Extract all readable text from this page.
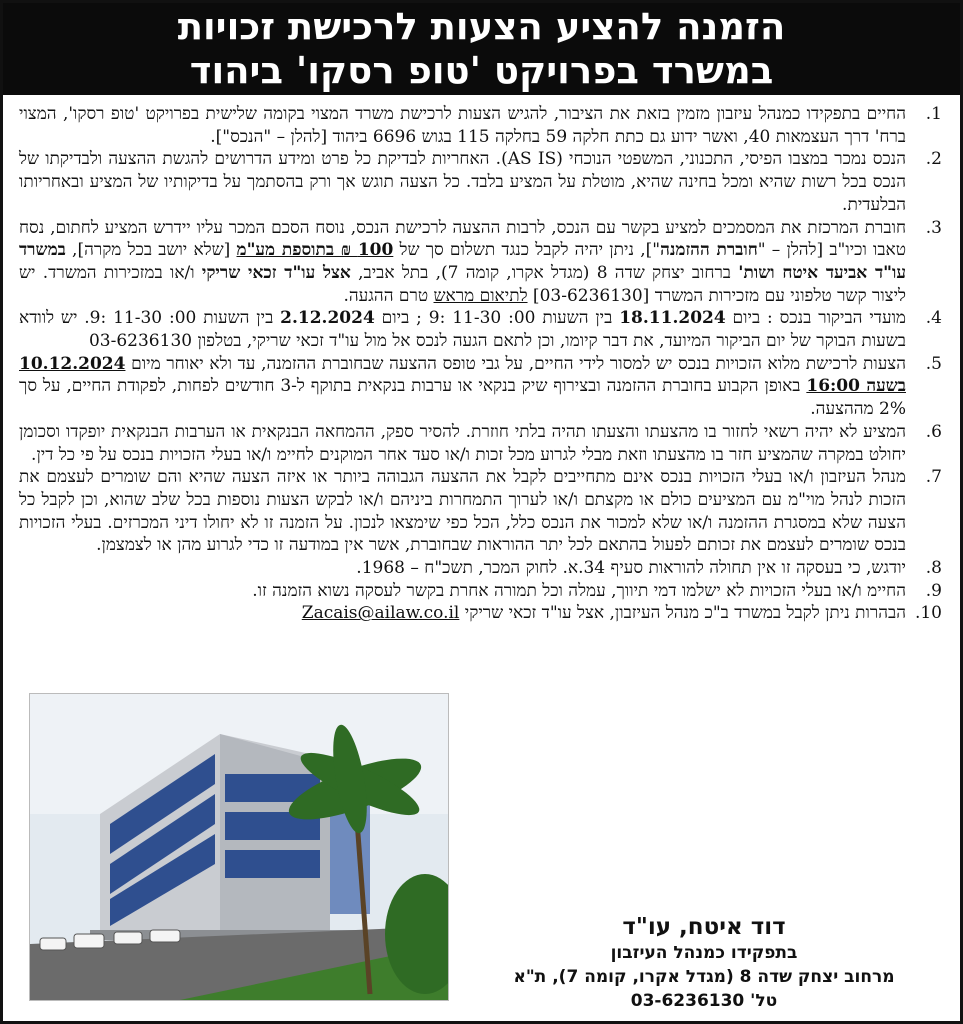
הזמנה להציע הצעות לרכישת זכויות
במשרד בפרויקט 'טופ רסקו' ביהוד
1.
החיים בתפקידו כמנהל עיזבון מזמין בזאת את הציבור, להגיש הצעות לרכישת משרד המצוי בקומה שלישית בפרויקט 'טופ רסקו', המצוי ברח' דרך העצמאות 40, ואשר ידוע גם כתת חלקה 59 בחלקה 115 בגוש 6696 ביהוד [להלן – "הנכס"].
2.
הנכס נמכר במצבו הפיסי, התכנוני, המשפטי הנוכחי (AS IS). האחריות לבדיקת כל פרט ומידע הדרושים להגשת ההצעה ולבדיקתו של הנכס בכל רשות שהיא ומכל בחינה שהיא, מוטלת על המציע בלבד. כל הצעה תוגש אך ורק בהסתמך על בדיקותיו של המציע ובאחריותו הבלעדית.
3.
חוברת המרכזת את המסמכים למציע בקשר עם הנכס, לרבות ההצעה לרכישת הנכס, נוסח הסכם המכר עליו יידרש המציע לחתום, נסח טאבו וכיו"ב [להלן – "חוברת ההזמנה"], ניתן יהיה לקבל כנגד תשלום סך של 100 ₪ בתוספת מע"מ [שלא יושב בכל מקרה], במשרד עו"ד אביעד איטח ושות' ברחוב יצחק שדה 8 (מגדל אקרו, קומה 7), בתל אביב, אצל עו"ד זכאי שריקי ו/או במזכירות המשרד. יש ליצור קשר טלפוני עם מזכירות המשרד [03-6236130] לתיאום מראש טרם ההגעה.
4.
מועדי הביקור בנכס : ביום 18.11.2024 בין השעות 00: 11-30 :9 ; ביום 2.12.2024 בין השעות 00: 11-30 :9. יש לוודא בשעות הבוקר של יום הביקור המיועד, את דבר קיומו, וכן לתאם הגעה לנכס אל מול עו"ד זכאי שריקי, בטלפון 03-6236130
5.
הצעות לרכישת מלוא הזכויות בנכס יש למסור לידי החיים, על גבי טופס ההצעה שבחוברת ההזמנה, עד ולא יאוחר מיום 10.12.2024 בשעה 16:00 באופן הקבוע בחוברת ההזמנה ובצירוף שיק בנקאי או ערבות בנקאית בתוקף ל-3 חודשים לפחות, לפקודת החיים, על סך 2% מההצעה.
6.
המציע לא יהיה רשאי לחזור בו מהצעתו והצעתו תהיה בלתי חוזרת. להסיר ספק, ההמחאה הבנקאית או הערבות הבנקאית יופקדו וסכומן יחולט במקרה שהמציע חזר בו מהצעתו וזאת מבלי לגרוע מכל זכות ו/או סעד אחר המוקנים לחיימ ו/או בעלי הזכויות בנכס על פי כל דין.
7.
מנהל העיזבון ו/או בעלי הזכויות בנכס אינם מתחייבים לקבל את ההצעה הגבוהה ביותר או איזה הצעה שהיא והם שומרים לעצמם את הזכות לנהל מוי"מ עם המציעים כולם או מקצתם ו/או לערוך התמחרות ביניהם ו/או לבקש הצעות נוספות בכל שלב שהוא, וכן לקבל כל הצעה שלא במסגרת ההזמנה ו/או שלא למכור את הנכס כלל, הכל כפי שימצאו לנכון. על הזמנה זו לא יחולו דיני המכרזים. בעלי הזכויות בנכס שומרים לעצמם את זכותם לפעול בהתאם לכל יתר ההוראות שבחוברת, אשר אין במודעה זו כדי לגרוע מהן או לצמצמן.
8.
יודגש, כי בעסקה זו אין תחולה להוראות סעיף 34.א. לחוק המכר, תשכ"ח – 1968.
9.
החיימ ו/או בעלי הזכויות לא ישלמו דמי תיווך, עמלה וכל תמורה אחרת בקשר לעסקה נשוא הזמנה זו.
10.
הבהרות ניתן לקבל במשרד ב"כ מנהל העיזבון, אצל עו"ד זכאי שריקי Zacais@ailaw.co.il
דוד איטח, עו"ד
בתפקידו כמנהל העיזבון
מרחוב יצחק שדה 8 (מגדל אקרו, קומה 7), ת"א
טל' 03-6236130
